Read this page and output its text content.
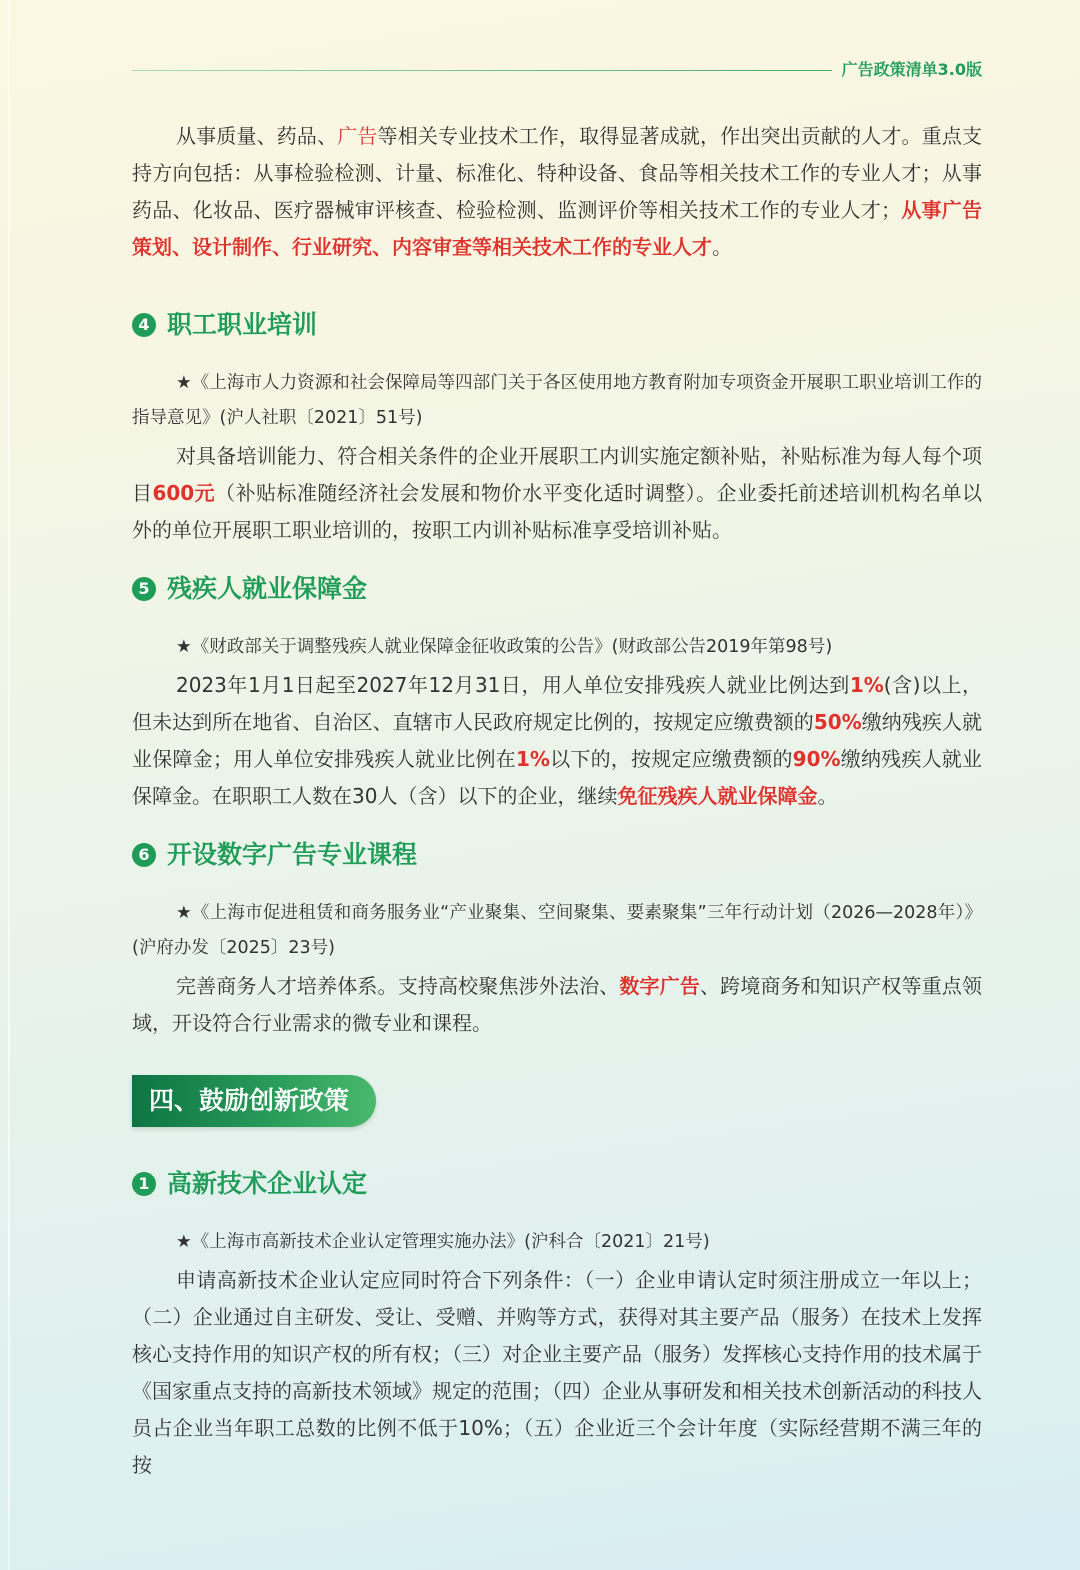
广告政策清单3.0版

从事质量、药品、广告等相关专业技术工作，取得显著成就，作出突出贡献的人才。重点支持方向包括：从事检验检测、计量、标准化、特种设备、食品等相关技术工作的专业人才；从事药品、化妆品、医疗器械审评核查、检验检测、监测评价等相关技术工作的专业人才；从事广告策划、设计制作、行业研究、内容审查等相关技术工作的专业人才。

4 职工职业培训

★《上海市人力资源和社会保障局等四部门关于各区使用地方教育附加专项资金开展职工职业培训工作的指导意见》(沪人社职〔2021〕51号)

对具备培训能力、符合相关条件的企业开展职工内训实施定额补贴，补贴标准为每人每个项目600元（补贴标准随经济社会发展和物价水平变化适时调整）。企业委托前述培训机构名单以外的单位开展职工职业培训的，按职工内训补贴标准享受培训补贴。

5 残疾人就业保障金

★《财政部关于调整残疾人就业保障金征收政策的公告》(财政部公告2019年第98号)

2023年1月1日起至2027年12月31日，用人单位安排残疾人就业比例达到1%(含)以上，但未达到所在地省、自治区、直辖市人民政府规定比例的，按规定应缴费额的50%缴纳残疾人就业保障金；用人单位安排残疾人就业比例在1%以下的，按规定应缴费额的90%缴纳残疾人就业保障金。在职职工人数在30人（含）以下的企业，继续免征残疾人就业保障金。

6 开设数字广告专业课程

★《上海市促进租赁和商务服务业“产业聚集、空间聚集、要素聚集”三年行动计划（2026—2028年）》(沪府办发〔2025〕23号)

完善商务人才培养体系。支持高校聚焦涉外法治、数字广告、跨境商务和知识产权等重点领域，开设符合行业需求的微专业和课程。

四、鼓励创新政策
1 高新技术企业认定

★《上海市高新技术企业认定管理实施办法》(沪科合〔2021〕21号)

申请高新技术企业认定应同时符合下列条件：（一）企业申请认定时须注册成立一年以上；（二）企业通过自主研发、受让、受赠、并购等方式，获得对其主要产品（服务）在技术上发挥核心支持作用的知识产权的所有权；（三）对企业主要产品（服务）发挥核心支持作用的技术属于《国家重点支持的高新技术领域》规定的范围；（四）企业从事研发和相关技术创新活动的科技人员占企业当年职工总数的比例不低于10%；（五）企业近三个会计年度（实际经营期不满三年的按
